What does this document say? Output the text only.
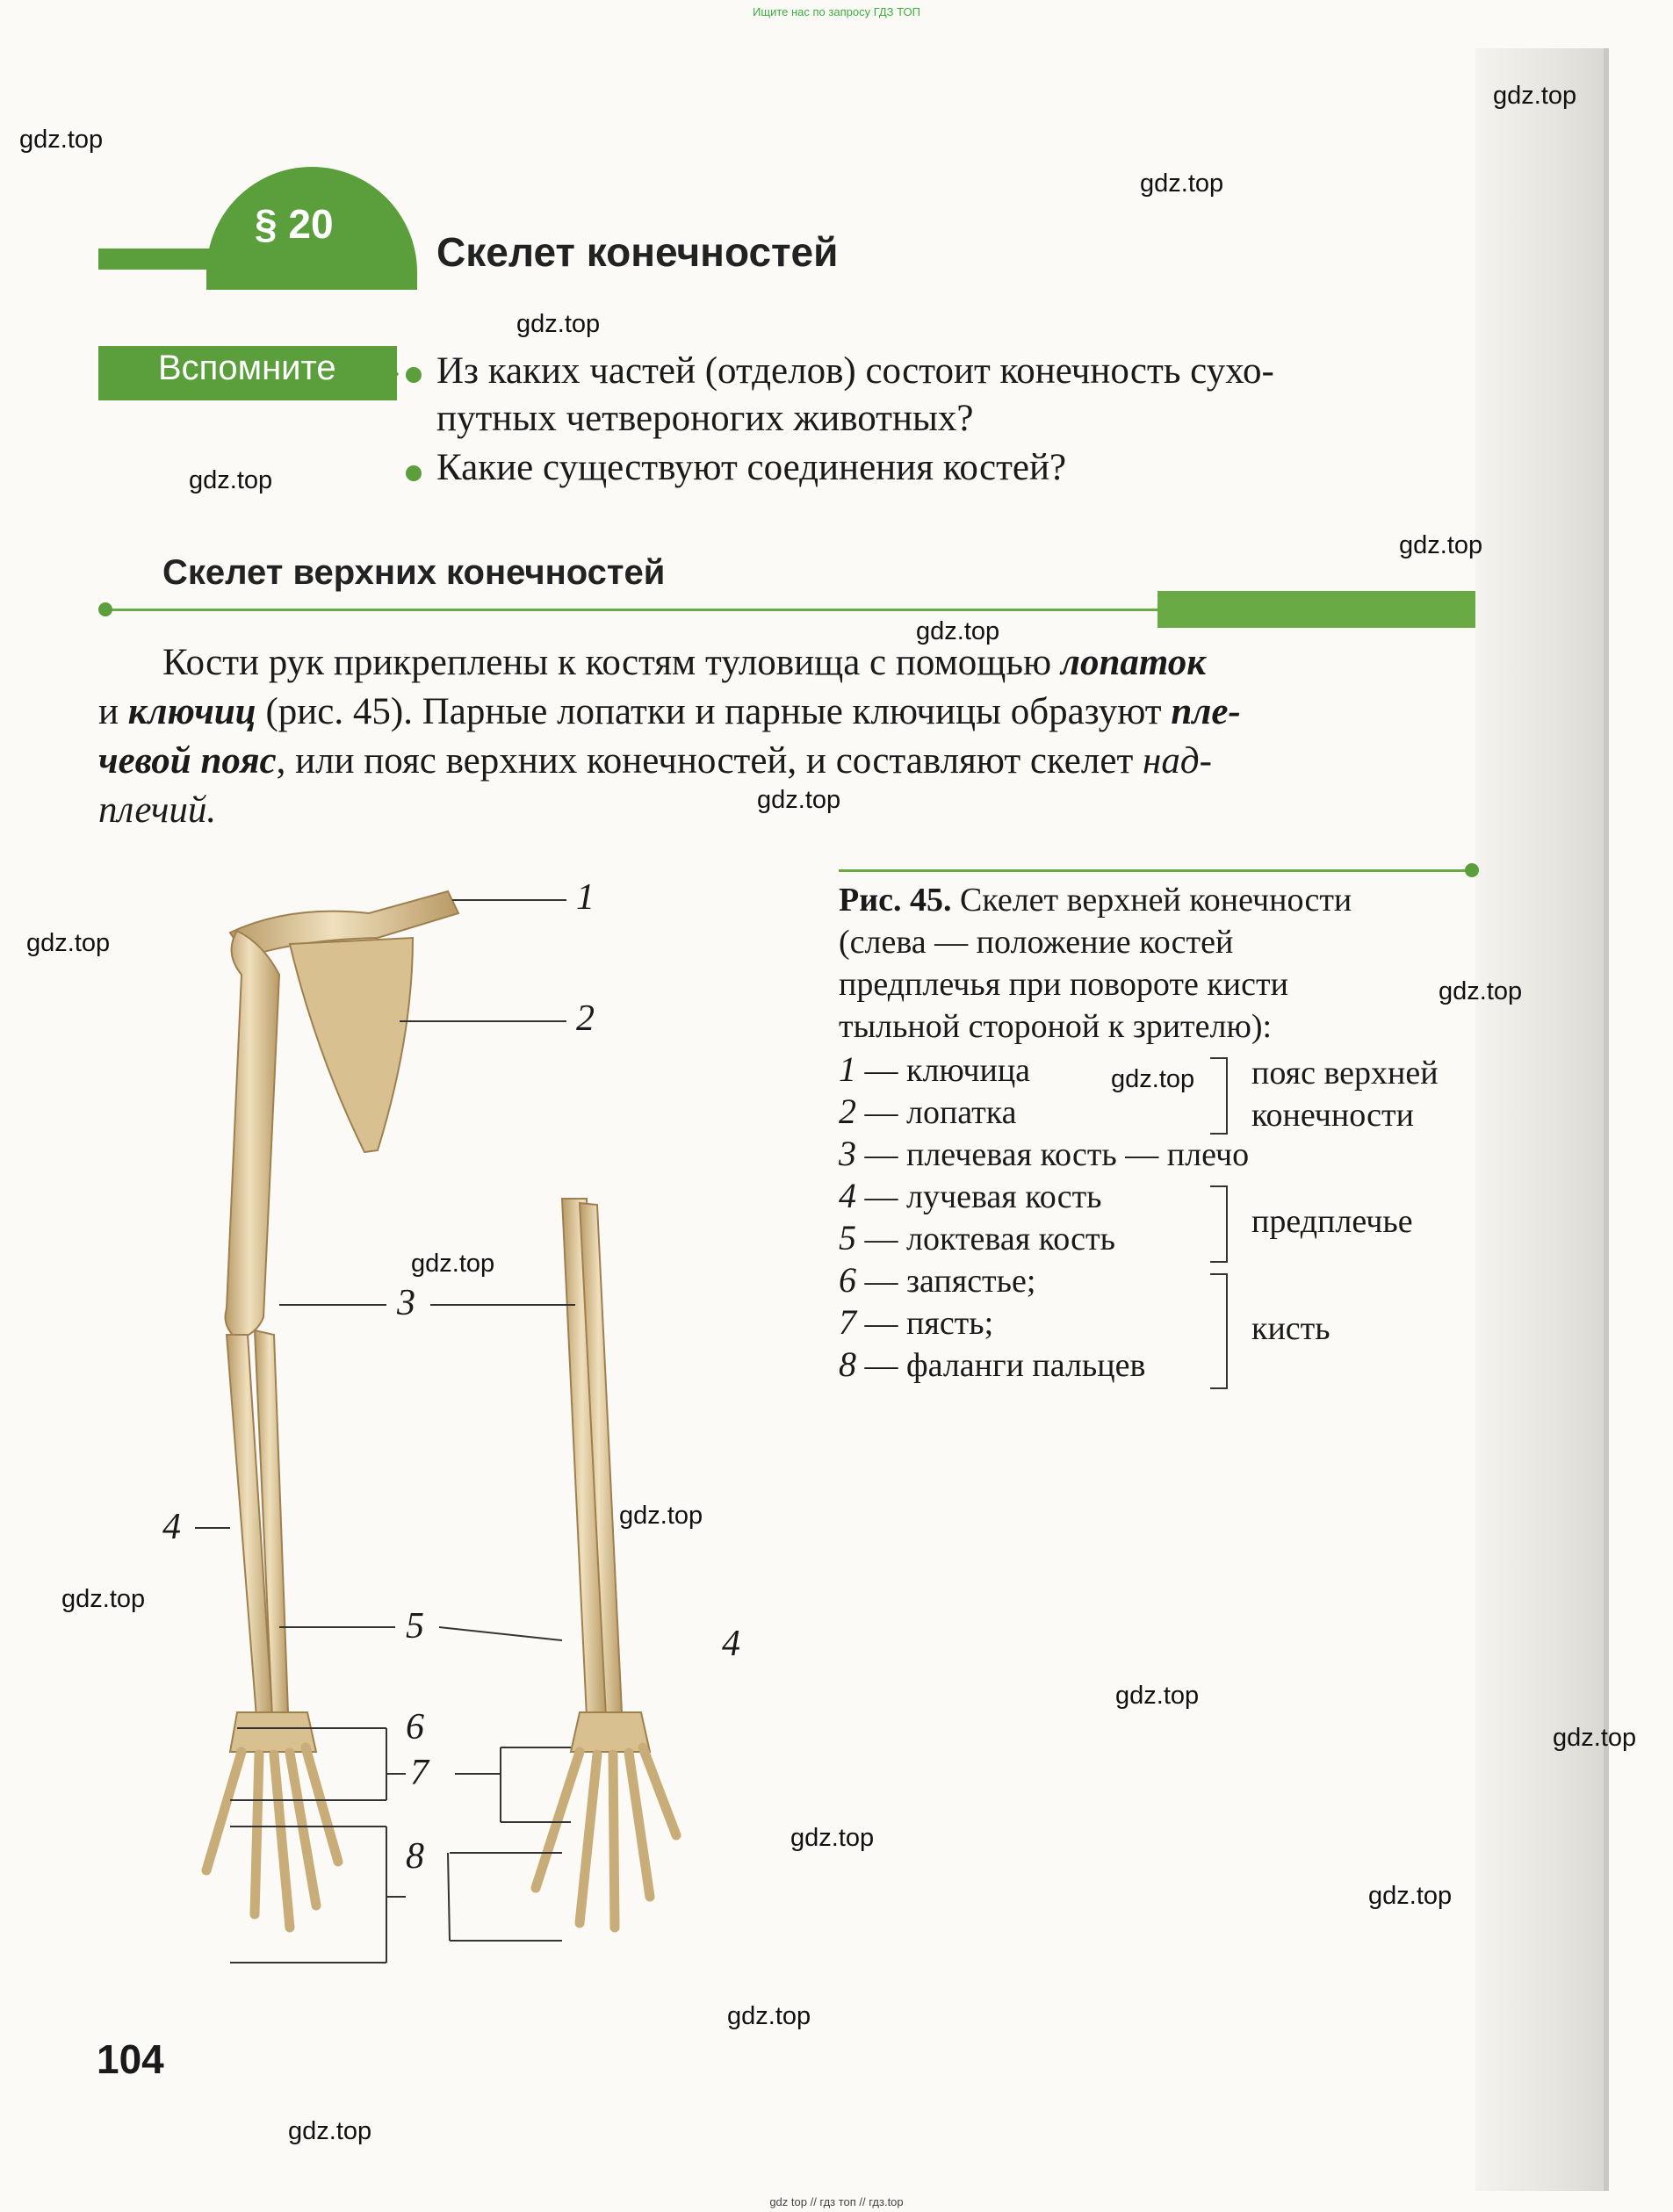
Ищите нас по запросу ГДЗ ТОП
§ 20
Скелет конечностей
Вспомните	Из каких частей (отделов) состоит конечность сухо-
путных четвероногих животных?
Какие существуют соединения костей?
Скелет верхних конечностей
Кости рук прикреплены к костям туловища с помощью лопаток
и ключиц (рис. 45). Парные лопатки и парные ключицы образуют пле-
чевой пояс, или пояс верхних конечностей, и составляют скелет над-
плечий.
Рис. 45. Скелет верхней конечности
(слева — положение костей
предплечья при повороте кисти
тыльной стороной к зрителю):
1 — ключица
2 — лопатка
3 — плечевая кость — плечо
4 — лучевая кость
5 — локтевая кость
6 — запястье;
7 — пясть;
8 — фаланги пальцев
пояс верхней
конечности
предплечье
кисть
1
2
3
4
5	4
6
7
8
104
gdz.top
gdz.top
gdz.top
gdz.top
gdz.top
gdz.top
gdz.top
gdz.top
gdz.top
gdz.top
gdz.top
gdz.top
gdz.top
gdz.top
gdz.top
gdz.top
gdz.top
gdz.top
gdz.top
gdz.top
gdz top // гдз топ // гдз.top
